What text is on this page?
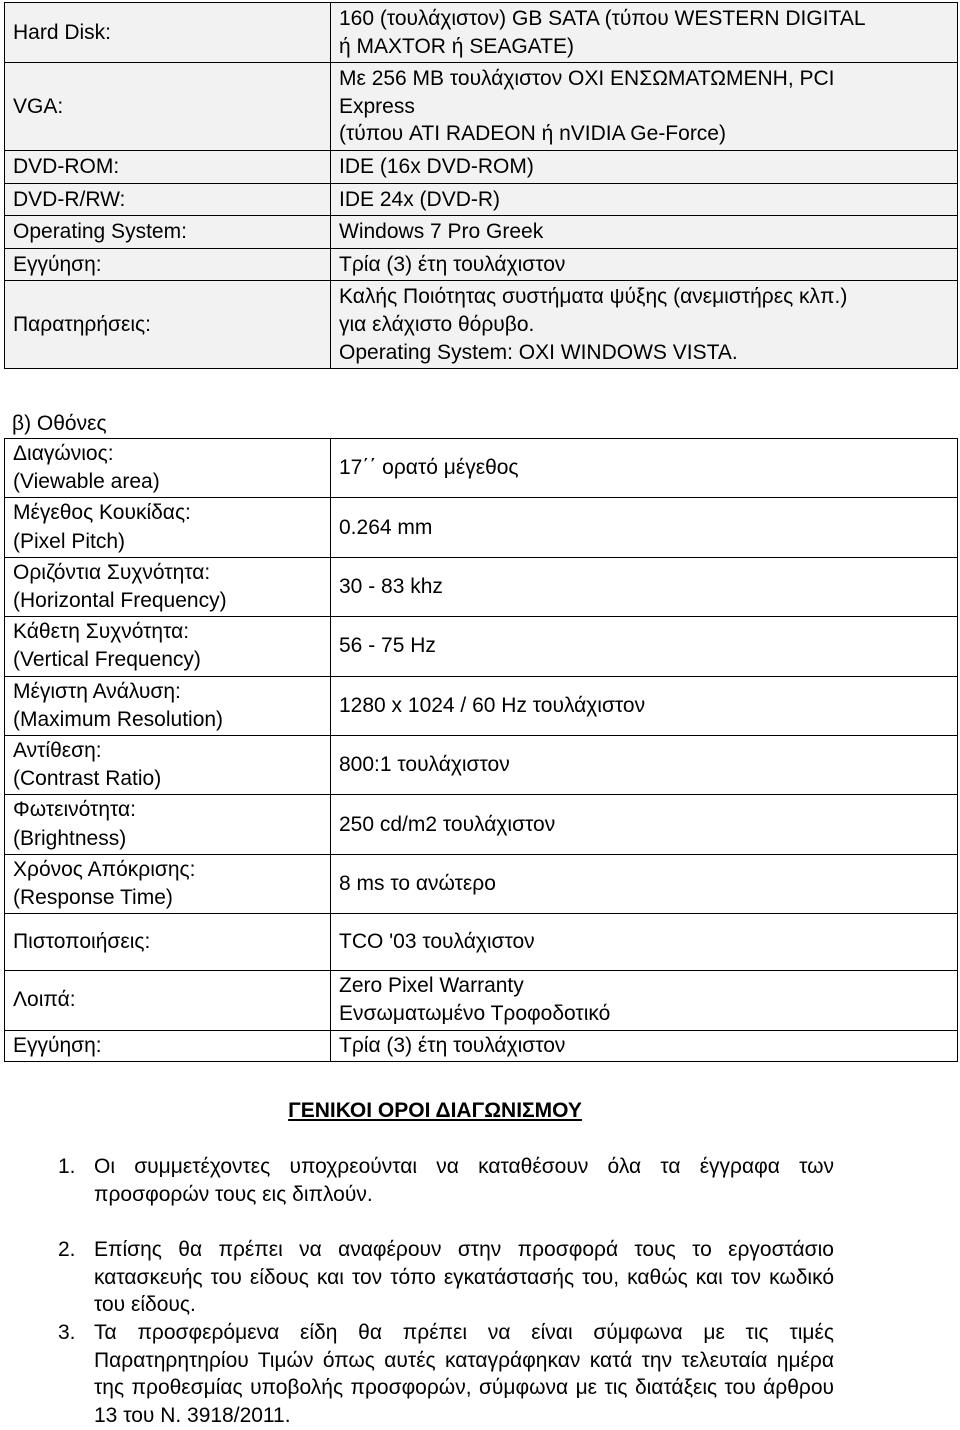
Hard Disk:	160 (τουλάχιστον) GB SATA (τύπου WESTERN DIGITAL
ή MAXTOR ή SEAGATE)

VGA:	Με 256 MB τουλάχιστον ΟΧΙ ΕΝΣΩΜΑΤΩΜΕΝΗ, PCI
Express
(τύπου ATI RADEON ή nVIDIA Ge-Force)

DVD-ROM:	IDE (16x DVD-ROM)

DVD-R/RW:	IDE 24x (DVD-R)

Operating System:	Windows 7 Pro Greek

Εγγύηση:	Τρία (3) έτη τουλάχιστον

Παρατηρήσεις:	Καλής Ποιότητας συστήματα ψύξης (ανεμιστήρες κλπ.)
για ελάχιστο θόρυβο.
Operating System: ΟΧΙ WINDOWS VISTA.
β) Οθόνες
Διαγώνιος:
(Viewable area)	17΄΄ ορατό μέγεθος

Μέγεθος Κουκίδας:
(Pixel Pitch)	0.264 mm

Οριζόντια Συχνότητα:
(Horizontal Frequency)	30 - 83 khz

Κάθετη Συχνότητα:
(Vertical Frequency)	56 - 75 Hz

Μέγιστη Ανάλυση:
(Maximum Resolution)	1280 x 1024 / 60 Hz τουλάχιστον

Αντίθεση:
(Contrast Ratio)	800:1 τουλάχιστον

Φωτεινότητα:
(Brightness)	250 cd/m2 τουλάχιστον

Χρόνος Απόκρισης:
(Response Time)	8 ms το ανώτερο

Πιστοποιήσεις:	TCO '03 τουλάχιστον

Λοιπά:	Zero Pixel Warranty
Ενσωματωμένο Τροφοδοτικό

Εγγύηση:	Τρία (3) έτη τουλάχιστον
ΓΕΝΙΚΟΙ ΟΡΟΙ ΔΙΑΓΩΝΙΣΜΟΥ
1. Οι συμμετέχοντες υποχρεούνται να καταθέσουν όλα τα έγγραφα των προσφορών τους εις διπλούν.
2. Επίσης θα πρέπει να αναφέρουν στην προσφορά τους το εργοστάσιο κατασκευής του είδους και τον τόπο εγκατάστασής του, καθώς και τον κωδικό του είδους.
3. Τα προσφερόμενα είδη θα πρέπει να είναι σύμφωνα με τις τιμές Παρατηρητηρίου Τιμών όπως αυτές καταγράφηκαν κατά την τελευταία ημέρα της προθεσμίας υποβολής προσφορών, σύμφωνα με τις διατάξεις του άρθρου 13 του Ν. 3918/2011.
